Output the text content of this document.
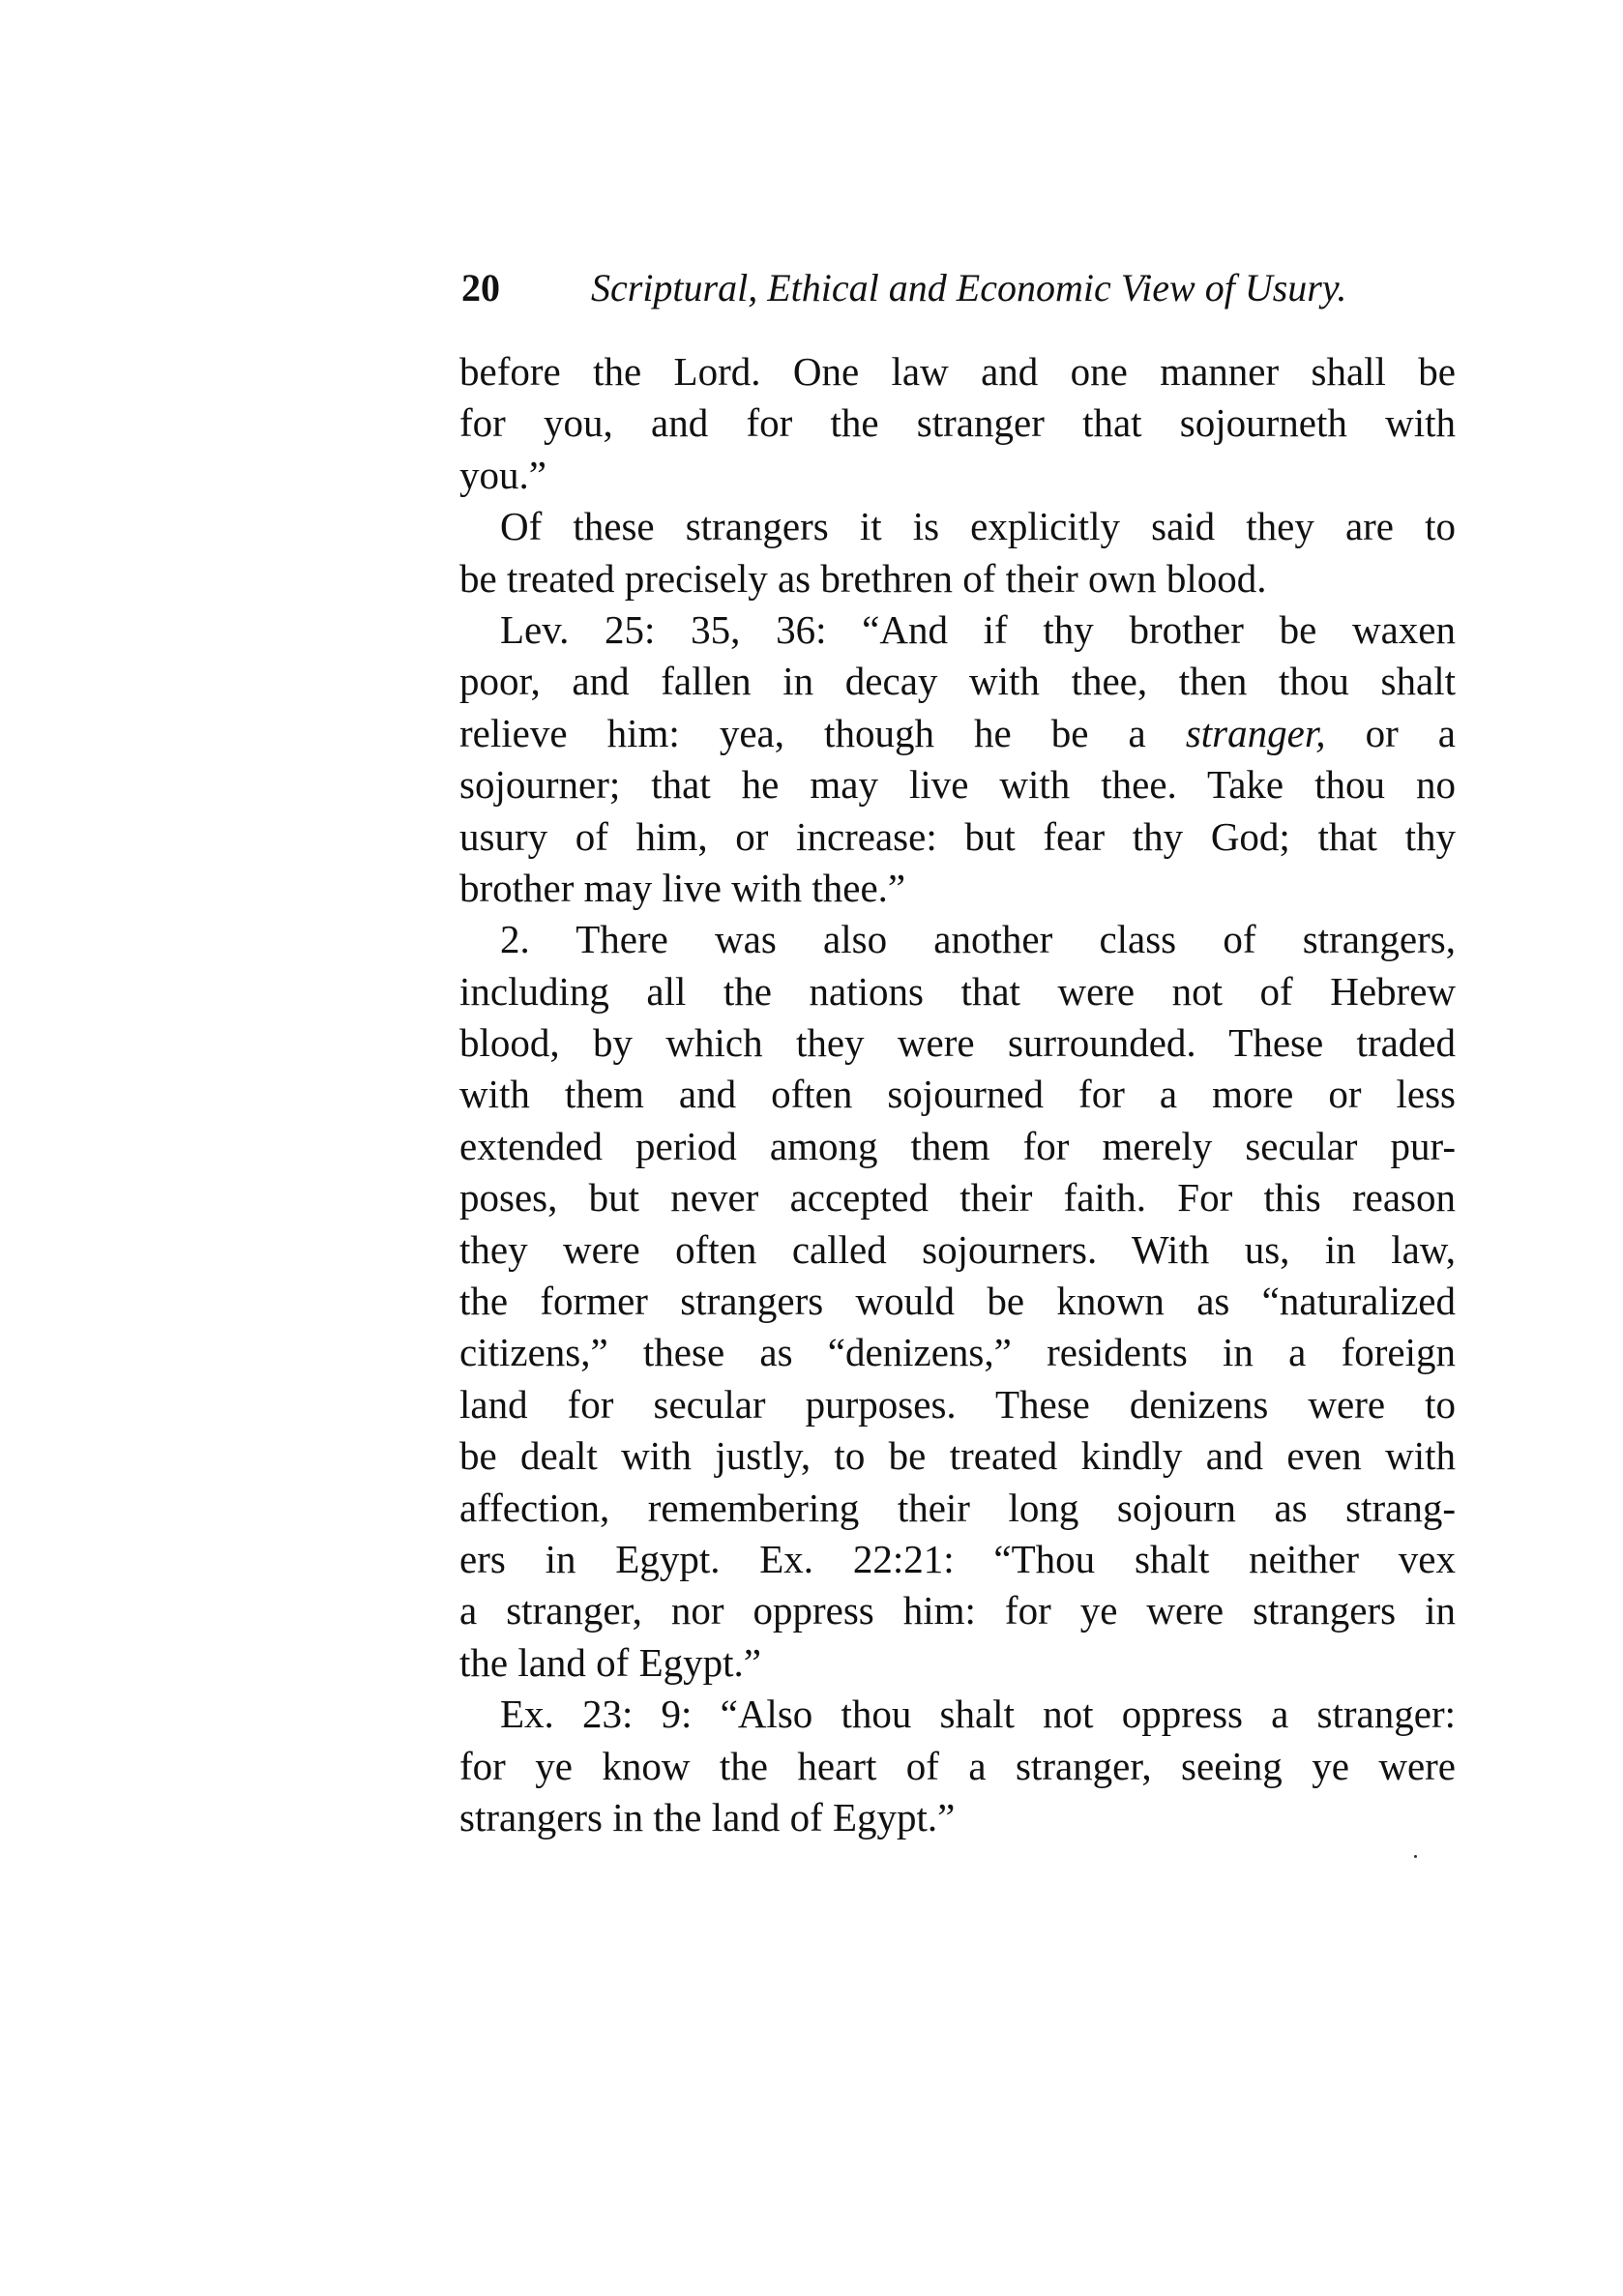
20 Scriptural, Ethical and Economic View of Usury.
before the Lord. One law and one manner shall be
for you, and for the stranger that sojourneth with
you.”
Of these strangers it is explicitly said they are to
be treated precisely as brethren of their own blood.
Lev. 25: 35, 36: “And if thy brother be waxen
poor, and fallen in decay with thee, then thou shalt
relieve him: yea, though he be a stranger, or a
sojourner; that he may live with thee. Take thou no
usury of him, or increase: but fear thy God; that thy
brother may live with thee.”
2. There was also another class of strangers,
including all the nations that were not of Hebrew
blood, by which they were surrounded. These traded
with them and often sojourned for a more or less
extended period among them for merely secular pur-
poses, but never accepted their faith. For this reason
they were often called sojourners. With us, in law,
the former strangers would be known as “naturalized
citizens,” these as “denizens,” residents in a foreign
land for secular purposes. These denizens were to
be dealt with justly, to be treated kindly and even with
affection, remembering their long sojourn as strang-
ers in Egypt. Ex. 22:21: “Thou shalt neither vex
a stranger, nor oppress him: for ye were strangers in
the land of Egypt.”
Ex. 23: 9: “Also thou shalt not oppress a stranger:
for ye know the heart of a stranger, seeing ye were
strangers in the land of Egypt.”
